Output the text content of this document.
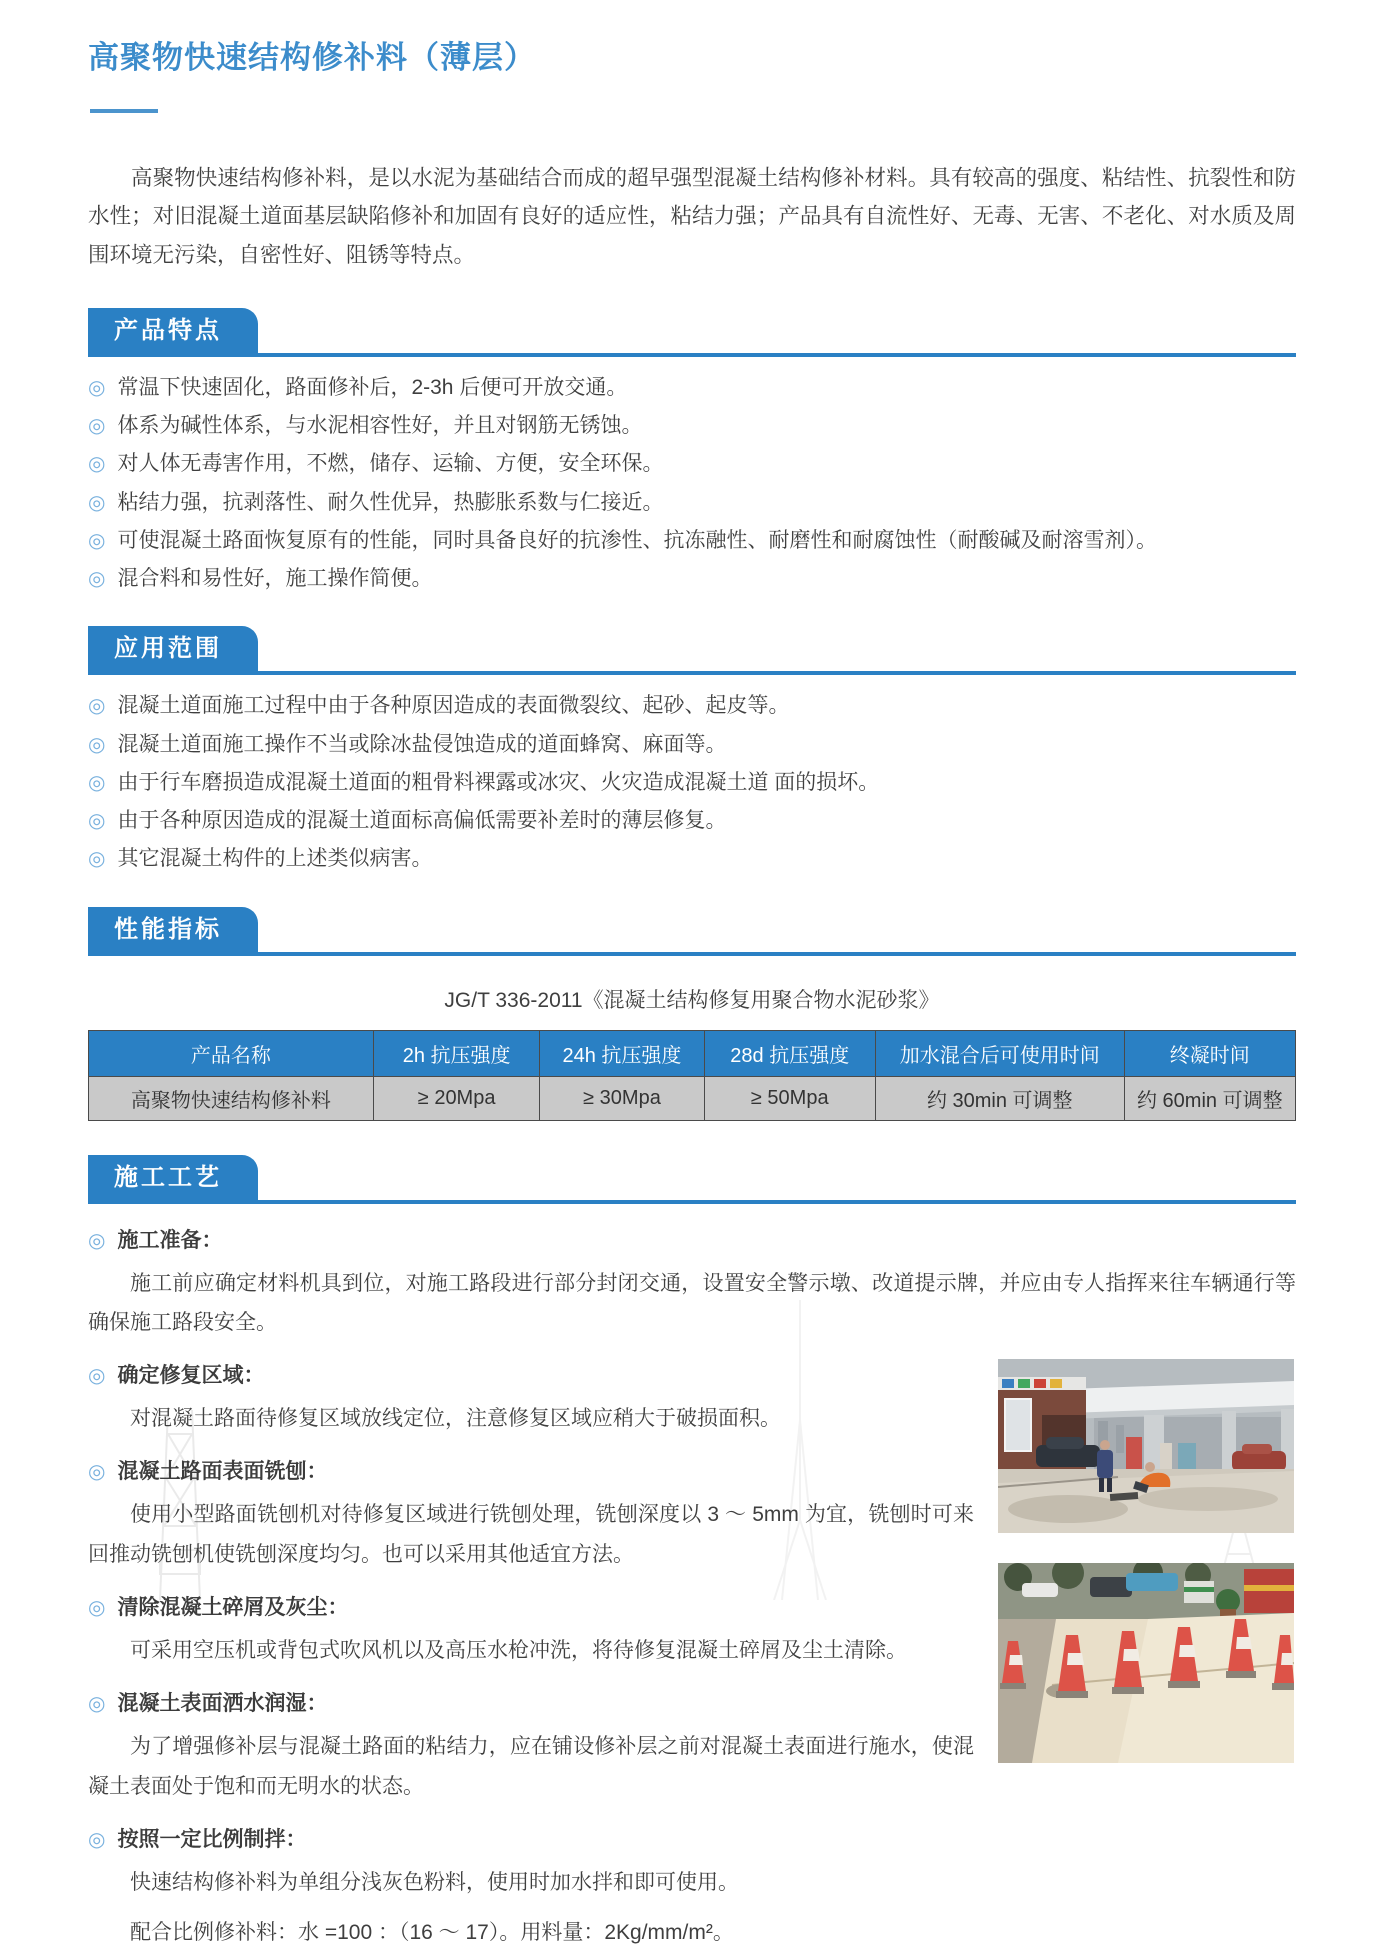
高聚物快速结构修补料（薄层）

高聚物快速结构修补料，是以水泥为基础结合而成的超早强型混凝土结构修补材料。具有较高的强度、粘结性、抗裂性和防水性；对旧混凝土道面基层缺陷修补和加固有良好的适应性，粘结力强；产品具有自流性好、无毒、无害、不老化、对水质及周围环境无污染，自密性好、阻锈等特点。

产品特点
◎ 常温下快速固化，路面修补后，2-3h 后便可开放交通。
◎ 体系为碱性体系，与水泥相容性好，并且对钢筋无锈蚀。
◎ 对人体无毒害作用，不燃，储存、运输、方便，安全环保。
◎ 粘结力强，抗剥落性、耐久性优异，热膨胀系数与仁接近。
◎ 可使混凝土路面恢复原有的性能，同时具备良好的抗渗性、抗冻融性、耐磨性和耐腐蚀性（耐酸碱及耐溶雪剂）。
◎ 混合料和易性好，施工操作简便。
应用范围
◎ 混凝土道面施工过程中由于各种原因造成的表面微裂纹、起砂、起皮等。
◎ 混凝土道面施工操作不当或除冰盐侵蚀造成的道面蜂窝、麻面等。
◎ 由于行车磨损造成混凝土道面的粗骨料裸露或冰灾、火灾造成混凝土道 面的损坏。
◎ 由于各种原因造成的混凝土道面标高偏低需要补差时的薄层修复。
◎ 其它混凝土构件的上述类似病害。
性能指标

JG/T 336-2011《混凝土结构修复用聚合物水泥砂浆》

产品名称	2h 抗压强度	24h 抗压强度	28d 抗压强度	加水混合后可使用时间	终凝时间
高聚物快速结构修补料	≥ 20Mpa	≥ 30Mpa	≥ 50Mpa	约 30min 可调整	约 60min 可调整
施工工艺
◎ 施工准备：

施工前应确定材料机具到位，对施工路段进行部分封闭交通，设置安全警示墩、改道提示牌，并应由专人指挥来往车辆通行等确保施工路段安全。

◎ 确定修复区域：

对混凝土路面待修复区域放线定位，注意修复区域应稍大于破损面积。

◎ 混凝土路面表面铣刨：

使用小型路面铣刨机对待修复区域进行铣刨处理，铣刨深度以 3 ～ 5mm 为宜，铣刨时可来回推动铣刨机使铣刨深度均匀。也可以采用其他适宜方法。

◎ 清除混凝土碎屑及灰尘：

可采用空压机或背包式吹风机以及高压水枪冲洗，将待修复混凝土碎屑及尘土清除。

◎ 混凝土表面洒水润湿：

为了增强修补层与混凝土路面的粘结力，应在铺设修补层之前对混凝土表面进行施水，使混凝土表面处于饱和而无明水的状态。

◎ 按照一定比例制拌：

快速结构修补料为单组分浅灰色粉料，使用时加水拌和即可使用。

配合比例修补料：水 =100 ：（16 ～ 17）。用料量：2Kg/mm/m²。
